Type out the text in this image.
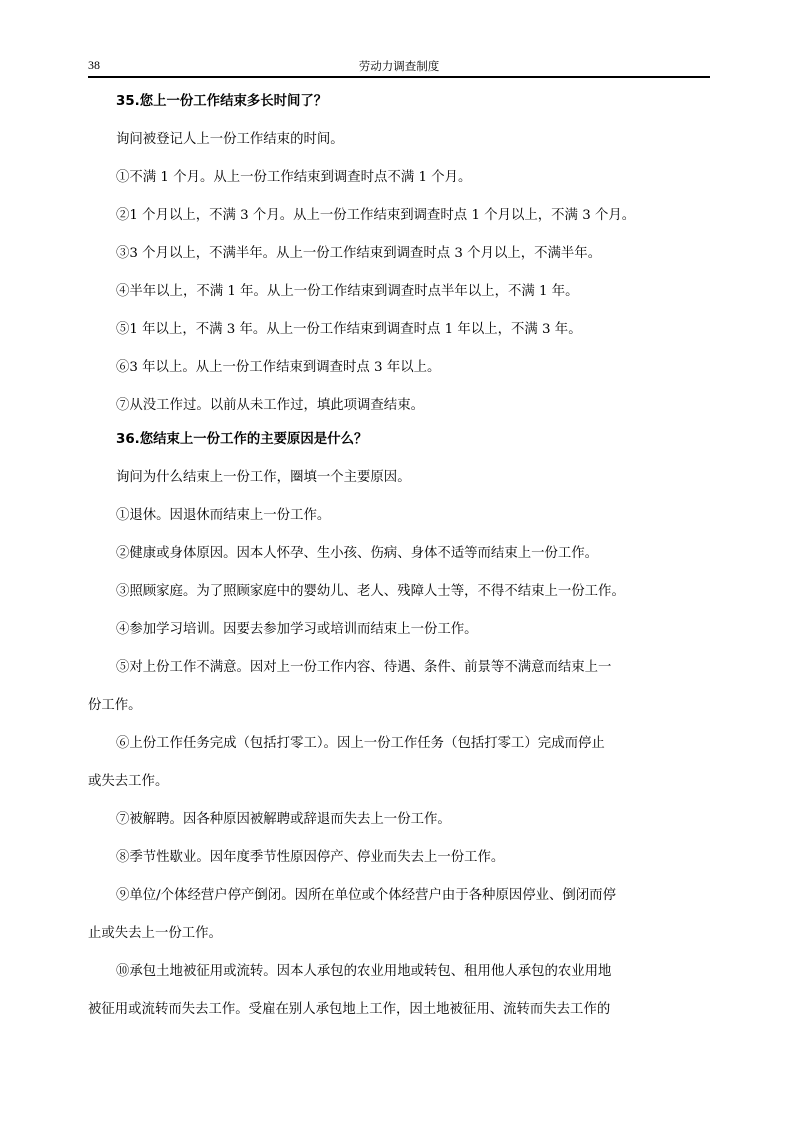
38	劳动力调查制度
35.您上一份工作结束多长时间了？
询问被登记人上一份工作结束的时间。
①不满 1 个月。从上一份工作结束到调查时点不满 1 个月。
②1 个月以上，不满 3 个月。从上一份工作结束到调查时点 1 个月以上，不满 3 个月。
③3 个月以上，不满半年。从上一份工作结束到调查时点 3 个月以上，不满半年。
④半年以上，不满 1 年。从上一份工作结束到调查时点半年以上，不满 1 年。
⑤1 年以上，不满 3 年。从上一份工作结束到调查时点 1 年以上，不满 3 年。
⑥3 年以上。从上一份工作结束到调查时点 3 年以上。
⑦从没工作过。以前从未工作过，填此项调查结束。
36.您结束上一份工作的主要原因是什么？
询问为什么结束上一份工作，圈填一个主要原因。
①退休。因退休而结束上一份工作。
②健康或身体原因。因本人怀孕、生小孩、伤病、身体不适等而结束上一份工作。
③照顾家庭。为了照顾家庭中的婴幼儿、老人、残障人士等，不得不结束上一份工作。
④参加学习培训。因要去参加学习或培训而结束上一份工作。
⑤对上份工作不满意。因对上一份工作内容、待遇、条件、前景等不满意而结束上一
份工作。
⑥上份工作任务完成（包括打零工）。因上一份工作任务（包括打零工）完成而停止
或失去工作。
⑦被解聘。因各种原因被解聘或辞退而失去上一份工作。
⑧季节性歇业。因年度季节性原因停产、停业而失去上一份工作。
⑨单位/个体经营户停产倒闭。因所在单位或个体经营户由于各种原因停业、倒闭而停
止或失去上一份工作。
⑩承包土地被征用或流转。因本人承包的农业用地或转包、租用他人承包的农业用地
被征用或流转而失去工作。受雇在别人承包地上工作，因土地被征用、流转而失去工作的
